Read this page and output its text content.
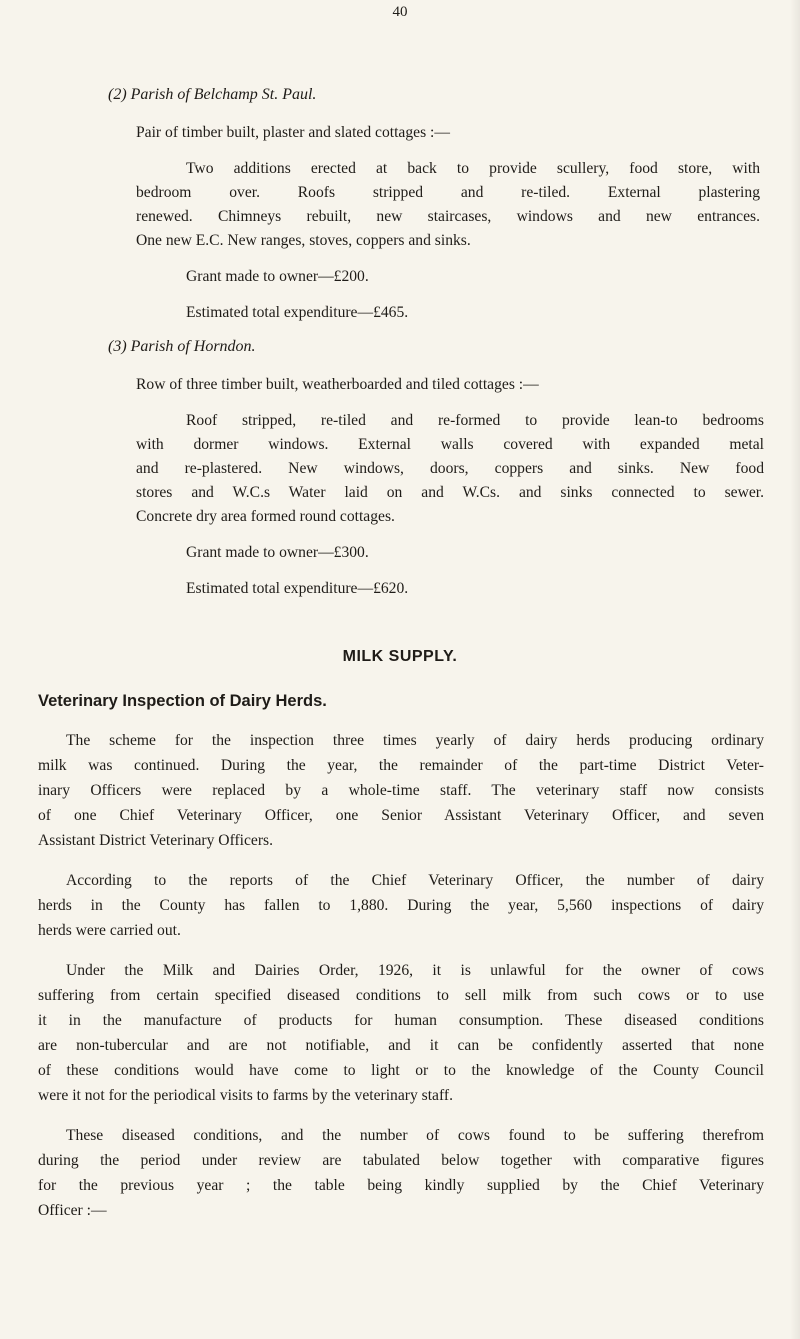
40
(2) Parish of Belchamp St. Paul.
Pair of timber built, plaster and slated cottages :—
Two additions erected at back to provide scullery, food store, with
bedroom over. Roofs stripped and re-tiled. External plastering
renewed. Chimneys rebuilt, new staircases, windows and new entrances.
One new E.C. New ranges, stoves, coppers and sinks.
Grant made to owner—£200.
Estimated total expenditure—£465.
(3) Parish of Horndon.
Row of three timber built, weatherboarded and tiled cottages :—
Roof stripped, re-tiled and re-formed to provide lean-to bedrooms
with dormer windows. External walls covered with expanded metal
and re-plastered. New windows, doors, coppers and sinks. New food
stores and W.C.s Water laid on and W.Cs. and sinks connected to sewer.
Concrete dry area formed round cottages.
Grant made to owner—£300.
Estimated total expenditure—£620.
MILK SUPPLY.
Veterinary Inspection of Dairy Herds.
The scheme for the inspection three times yearly of dairy herds producing ordinary
milk was continued. During the year, the remainder of the part-time District Veter-
inary Officers were replaced by a whole-time staff. The veterinary staff now consists
of one Chief Veterinary Officer, one Senior Assistant Veterinary Officer, and seven
Assistant District Veterinary Officers.
According to the reports of the Chief Veterinary Officer, the number of dairy
herds in the County has fallen to 1,880. During the year, 5,560 inspections of dairy
herds were carried out.
Under the Milk and Dairies Order, 1926, it is unlawful for the owner of cows
suffering from certain specified diseased conditions to sell milk from such cows or to use
it in the manufacture of products for human consumption. These diseased conditions
are non-tubercular and are not notifiable, and it can be confidently asserted that none
of these conditions would have come to light or to the knowledge of the County Council
were it not for the periodical visits to farms by the veterinary staff.
These diseased conditions, and the number of cows found to be suffering therefrom
during the period under review are tabulated below together with comparative figures
for the previous year ; the table being kindly supplied by the Chief Veterinary
Officer :—
